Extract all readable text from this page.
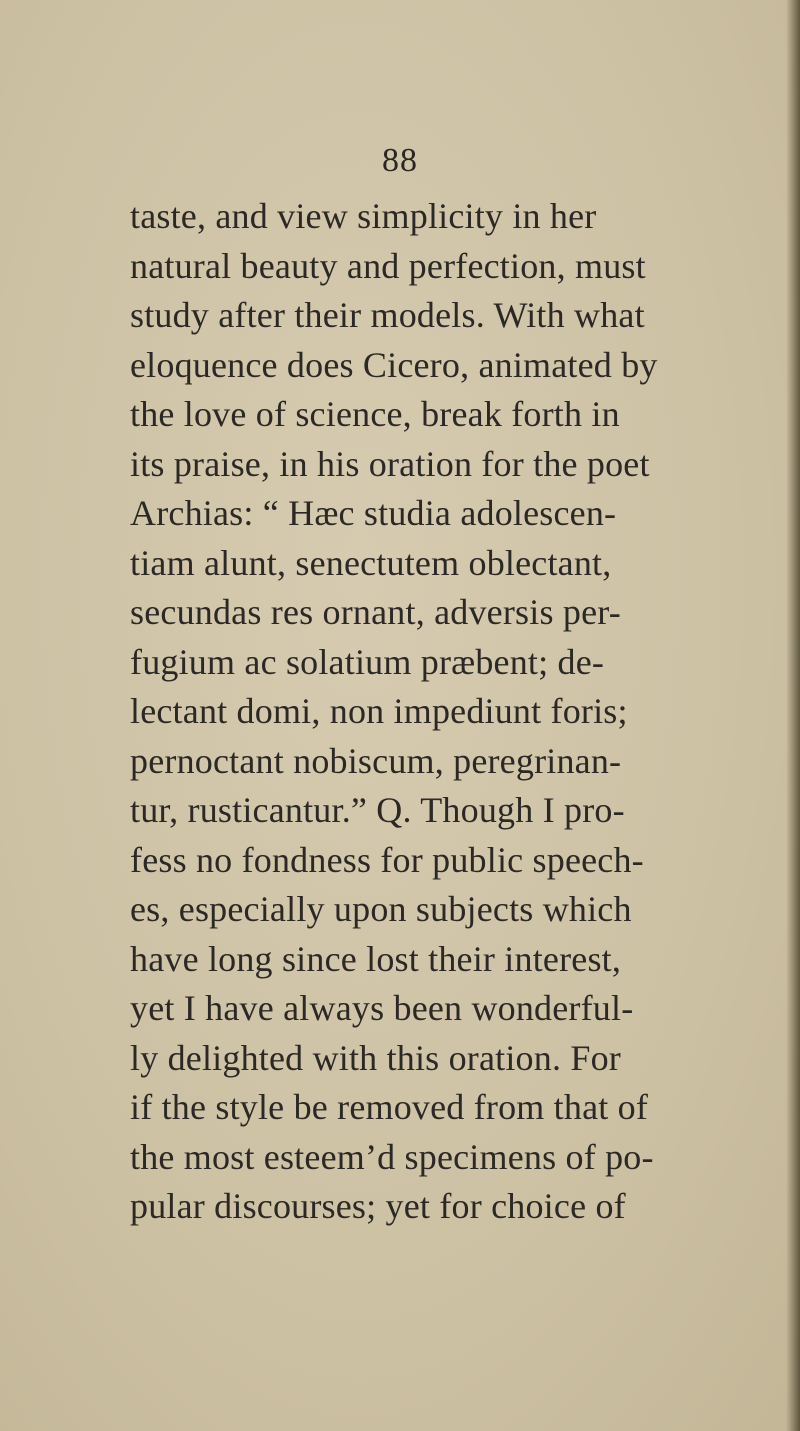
88

taste, and view simplicity in her
natural beauty and perfection, must
study after their models. With what
eloquence does Cicero, animated by
the love of science, break forth in
its praise, in his oration for the poet
Archias: “ Hæc studia adolescen-
tiam alunt, senectutem oblectant,
secundas res ornant, adversis per-
fugium ac solatium præbent; de-
lectant domi, non impediunt foris;
pernoctant nobiscum, peregrinan-
tur, rusticantur.” Q. Though I pro-
fess no fondness for public speech-
es, especially upon subjects which
have long since lost their interest,
yet I have always been wonderful-
ly delighted with this oration. For
if the style be removed from that of
the most esteem’d specimens of po-
pular discourses; yet for choice of
